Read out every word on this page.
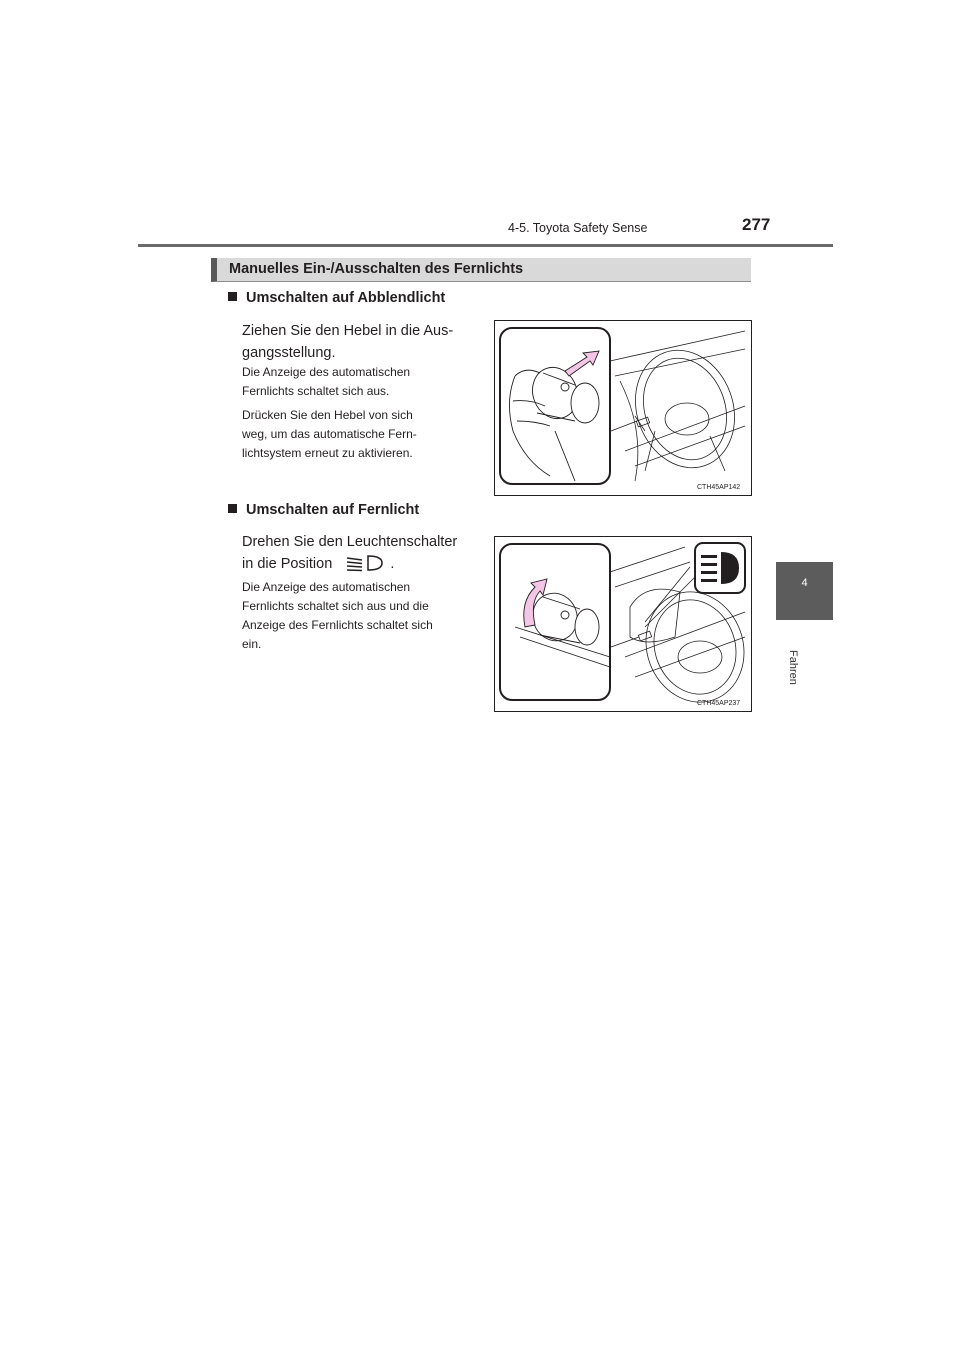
4-5. Toyota Safety Sense	277
4
Fahren
Manuelles Ein-/Ausschalten des Fernlichts
Umschalten auf Abblendlicht
Ziehen Sie den Hebel in die Aus-
gangsstellung.
Die Anzeige des automatischen
Fernlichts schaltet sich aus.
Drücken Sie den Hebel von sich
weg, um das automatische Fern-
lichtsystem erneut zu aktivieren.
CTH45AP142
Umschalten auf Fernlicht
Drehen Sie den Leuchtenschalter
in die Position	.
Die Anzeige des automatischen
Fernlichts schaltet sich aus und die
Anzeige des Fernlichts schaltet sich
ein.
CTH45AP237
